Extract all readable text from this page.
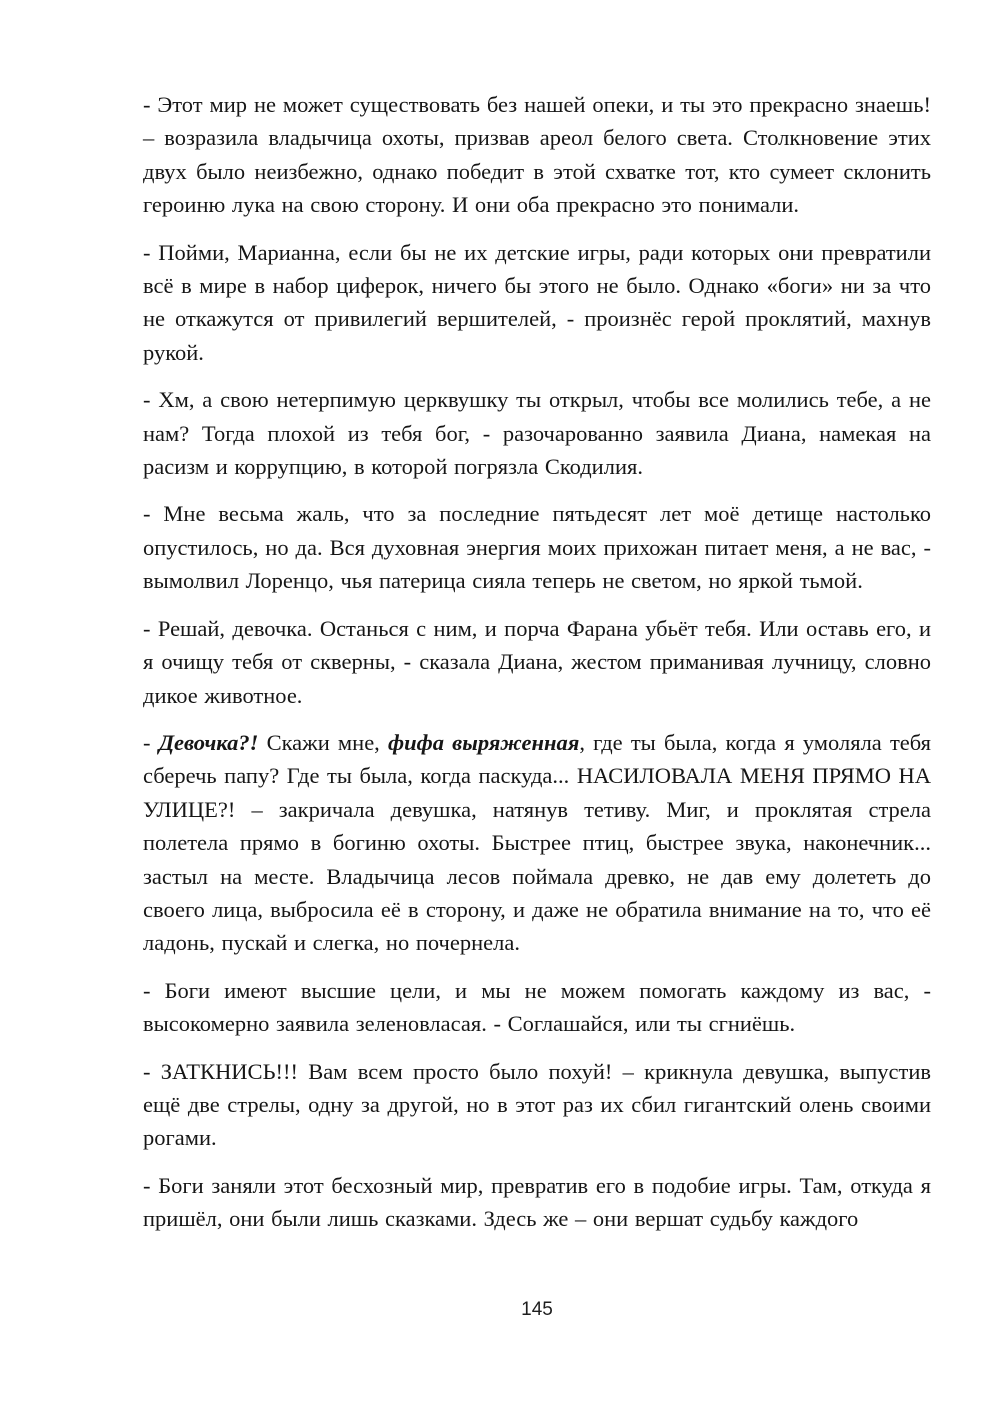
- Этот мир не может существовать без нашей опеки, и ты это прекрасно знаешь! – возразила владычица охоты, призвав ареол белого света. Столкновение этих двух было неизбежно, однако победит в этой схватке тот, кто сумеет склонить героиню лука на свою сторону. И они оба прекрасно это понимали.

- Пойми, Марианна, если бы не их детские игры, ради которых они превратили всё в мире в набор циферок, ничего бы этого не было. Однако «боги» ни за что не откажутся от привилегий вершителей, - произнёс герой проклятий, махнув рукой.

- Хм, а свою нетерпимую церквушку ты открыл, чтобы все молились тебе, а не нам? Тогда плохой из тебя бог, - разочарованно заявила Диана, намекая на расизм и коррупцию, в которой погрязла Скодилия.

- Мне весьма жаль, что за последние пятьдесят лет моё детище настолько опустилось, но да. Вся духовная энергия моих прихожан питает меня, а не вас, - вымолвил Лоренцо, чья патерица сияла теперь не светом, но яркой тьмой.

- Решай, девочка. Останься с ним, и порча Фарана убьёт тебя. Или оставь его, и я очищу тебя от скверны, - сказала Диана, жестом приманивая лучницу, словно дикое животное.

- Девочка?! Скажи мне, фифа выряженная, где ты была, когда я умоляла тебя сберечь папу? Где ты была, когда паскуда... НАСИЛОВАЛА МЕНЯ ПРЯМО НА УЛИЦЕ?! – закричала девушка, натянув тетиву. Миг, и проклятая стрела полетела прямо в богиню охоты. Быстрее птиц, быстрее звука, наконечник... застыл на месте. Владычица лесов поймала древко, не дав ему долететь до своего лица, выбросила её в сторону, и даже не обратила внимание на то, что её ладонь, пускай и слегка, но почернела.

- Боги имеют высшие цели, и мы не можем помогать каждому из вас, - высокомерно заявила зеленовласая. - Соглашайся, или ты сгниёшь.

- ЗАТКНИСЬ!!! Вам всем просто было похуй! – крикнула девушка, выпустив ещё две стрелы, одну за другой, но в этот раз их сбил гигантский олень своими рогами.

- Боги заняли этот бесхозный мир, превратив его в подобие игры. Там, откуда я пришёл, они были лишь сказками. Здесь же – они вершат судьбу каждого

145
